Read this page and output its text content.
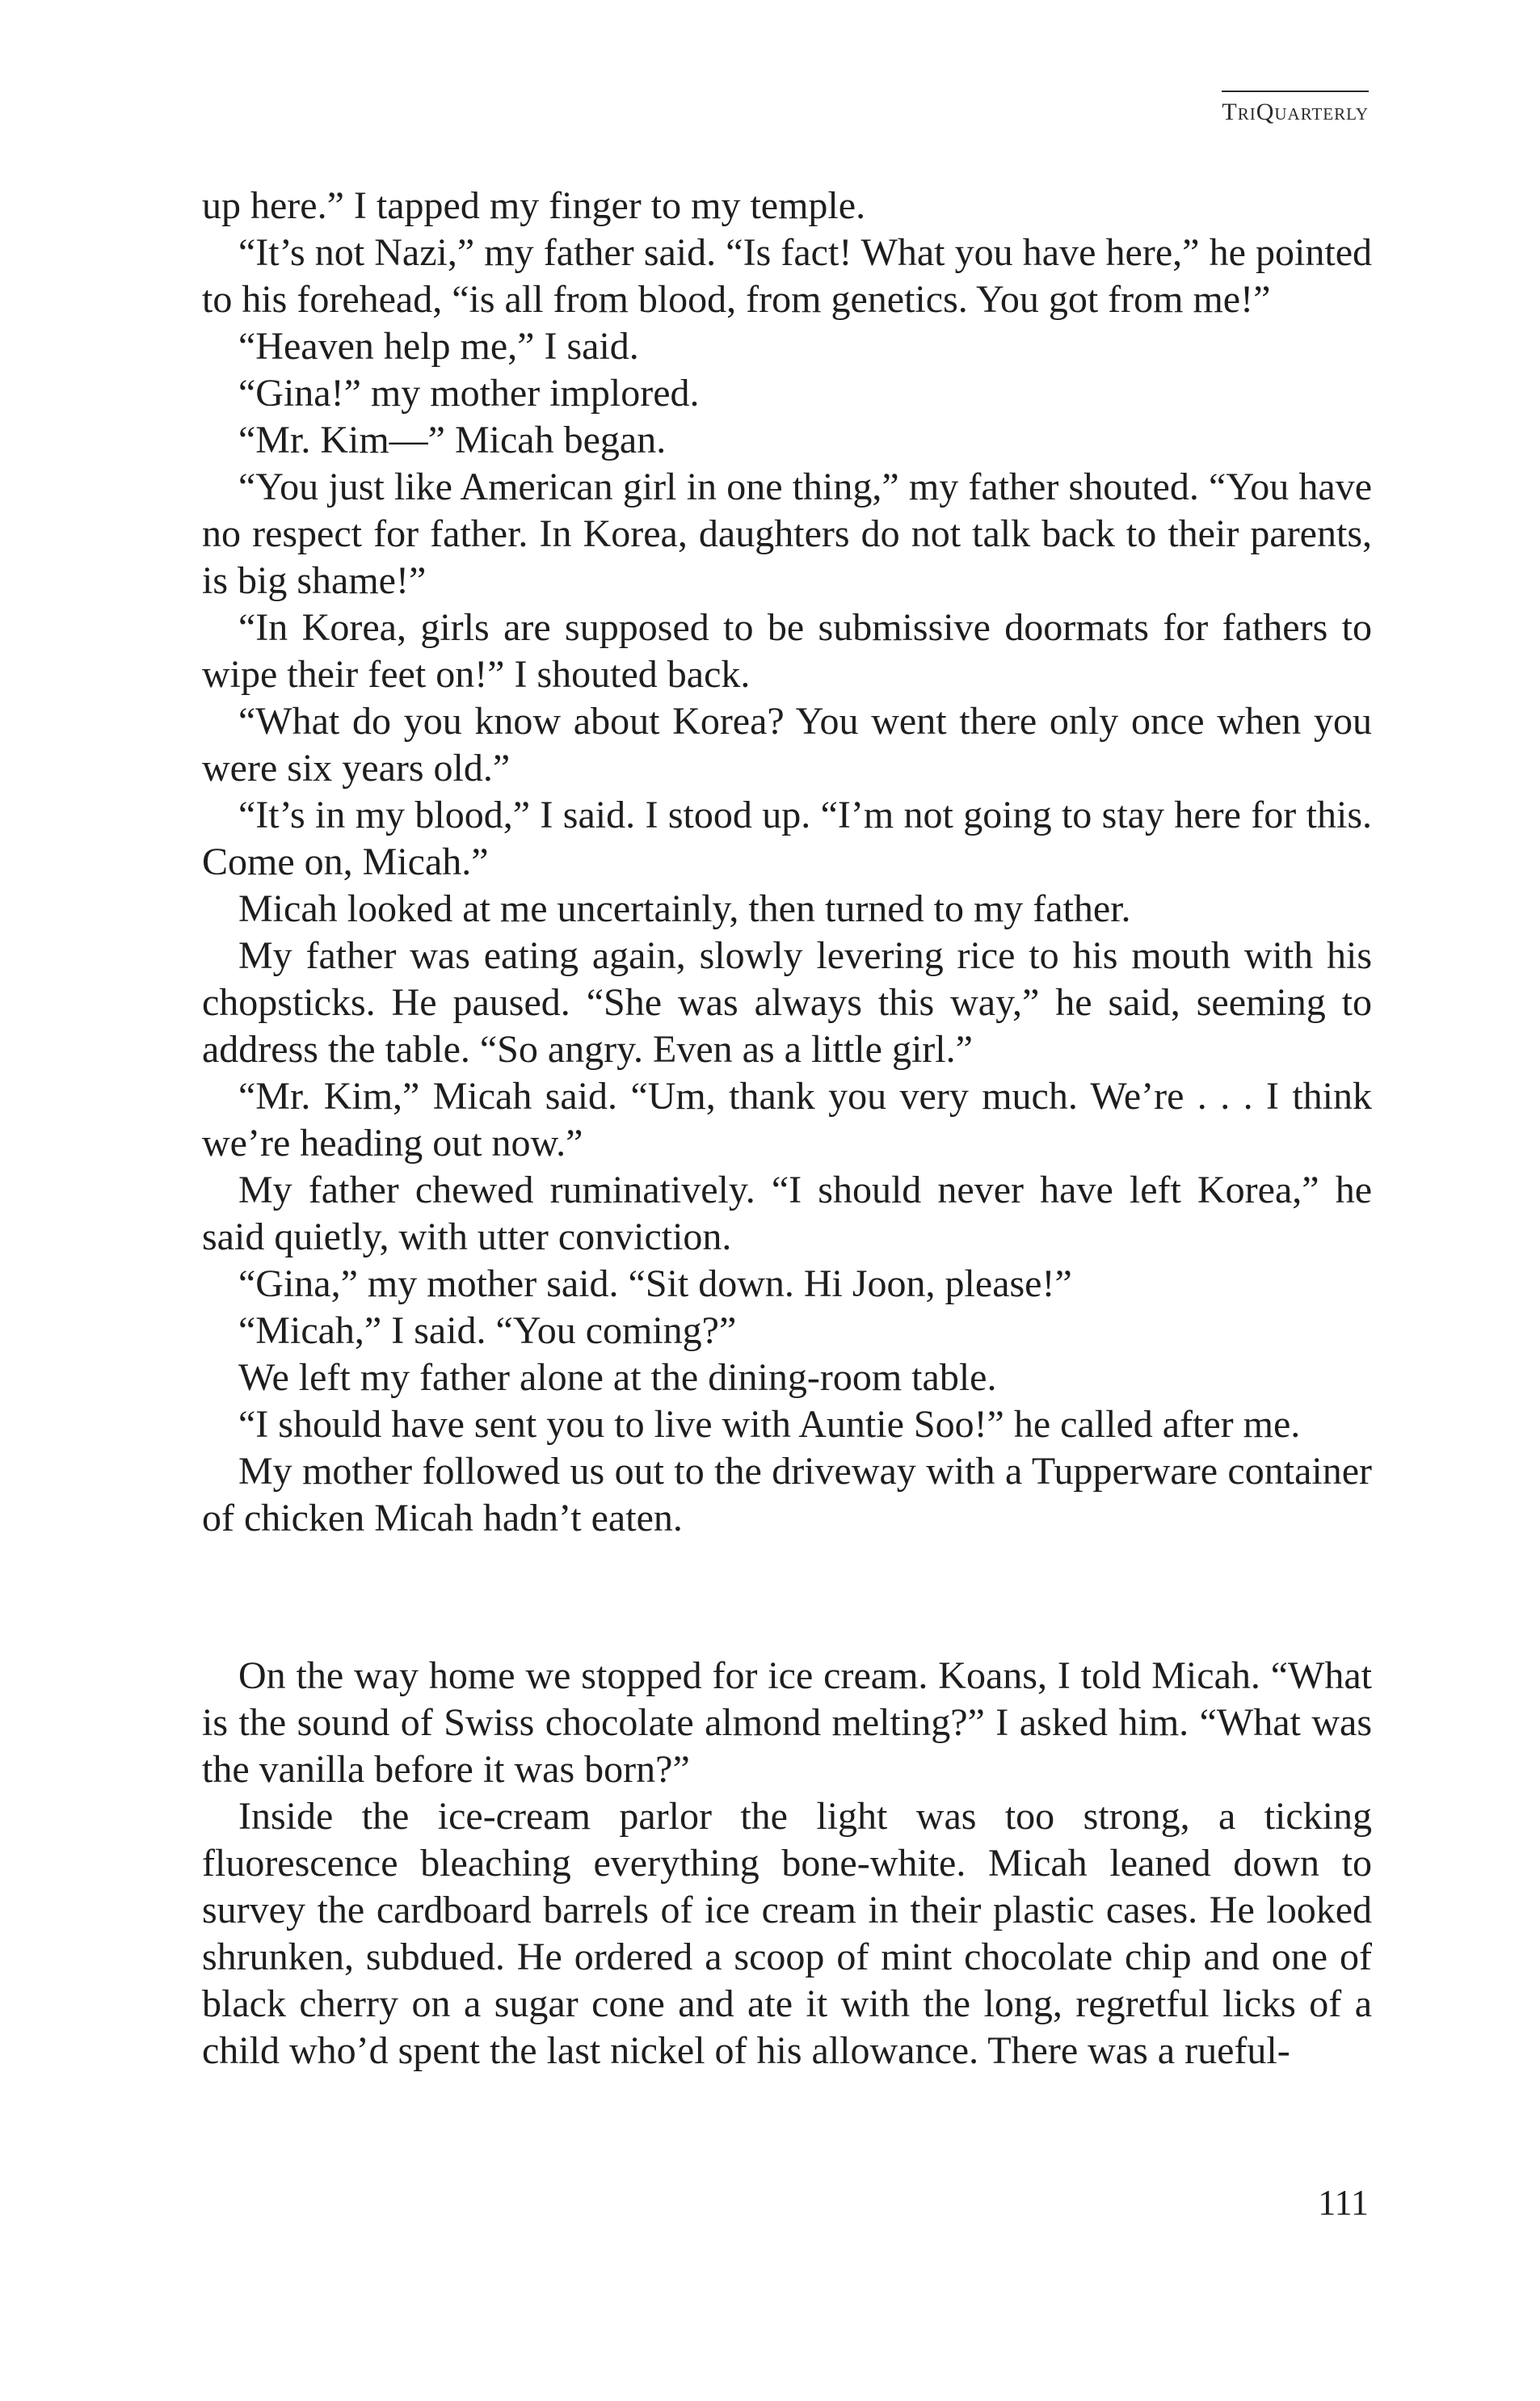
TriQuarterly

up here.” I tapped my finger to my temple.

“It’s not Nazi,” my father said. “Is fact! What you have here,” he pointed to his forehead, “is all from blood, from genetics. You got from me!”

“Heaven help me,” I said.

“Gina!” my mother implored.

“Mr. Kim—” Micah began.

“You just like American girl in one thing,” my father shouted. “You have no respect for father. In Korea, daughters do not talk back to their parents, is big shame!”

“In Korea, girls are supposed to be submissive doormats for fathers to wipe their feet on!” I shouted back.

“What do you know about Korea? You went there only once when you were six years old.”

“It’s in my blood,” I said. I stood up. “I’m not going to stay here for this. Come on, Micah.”

Micah looked at me uncertainly, then turned to my father.

My father was eating again, slowly levering rice to his mouth with his chopsticks. He paused. “She was always this way,” he said, seeming to address the table. “So angry. Even as a little girl.”

“Mr. Kim,” Micah said. “Um, thank you very much. We’re . . . I think we’re heading out now.”

My father chewed ruminatively. “I should never have left Korea,” he said quietly, with utter conviction.

“Gina,” my mother said. “Sit down. Hi Joon, please!”

“Micah,” I said. “You coming?”

We left my father alone at the dining-room table.

“I should have sent you to live with Auntie Soo!” he called after me.

My mother followed us out to the driveway with a Tupperware container of chicken Micah hadn’t eaten.

On the way home we stopped for ice cream. Koans, I told Micah. “What is the sound of Swiss chocolate almond melting?” I asked him. “What was the vanilla before it was born?”

Inside the ice-cream parlor the light was too strong, a ticking fluorescence bleaching everything bone-white. Micah leaned down to survey the cardboard barrels of ice cream in their plastic cases. He looked shrunken, subdued. He ordered a scoop of mint chocolate chip and one of black cherry on a sugar cone and ate it with the long, regretful licks of a child who’d spent the last nickel of his allowance. There was a rueful-

111
